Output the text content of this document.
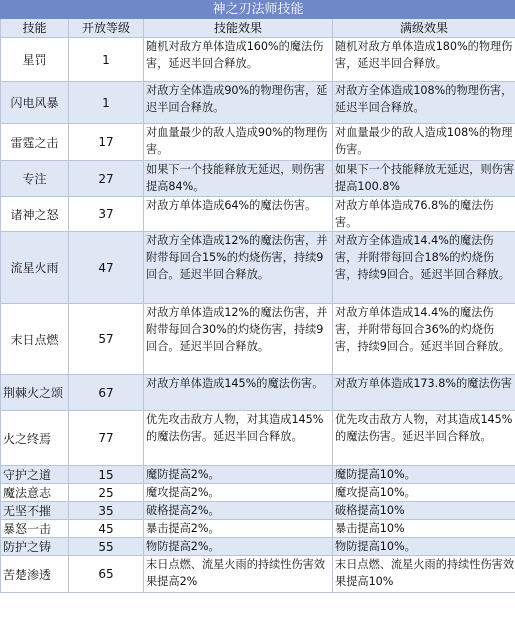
神之刃法师技能			
技能	开放等级	技能效果	满级效果
星罚	1	随机对敌方单体造成160%的魔法伤害，延迟半回合释放。	随机对敌方单体造成180%的物理伤害，延迟半回合释放。
闪电风暴	1	对敌方全体造成90%的物理伤害，延迟半回合释放。	对敌方全体造成108%的物理伤害，延迟半回合释放。
雷霆之击	17	对血量最少的敌人造成90%的物理伤害。	对血量最少的敌人造成108%的物理伤害。
专注	27	如果下一个技能释放无延迟，则伤害提高84%。	如果下一个技能释放无延迟，则伤害提高100.8%
诸神之怒	37	对敌方单体造成64%的魔法伤害。	对敌方单体造成76.8%的魔法伤害。
流星火雨	47	对敌方全体造成12%的魔法伤害，并附带每回合15%的灼烧伤害，持续9回合。延迟半回合释放。	对敌方全体造成14.4%的魔法伤害，并附带每回合18%的灼烧伤害，持续9回合。延迟半回合释放。
末日点燃	57	对敌方单体造成12%的魔法伤害，并附带每回合30%的灼烧伤害，持续9回合。延迟半回合释放。	对敌方单体造成14.4%的魔法伤害，并附带每回合36%的灼烧伤害，持续9回合。延迟半回合释放。
荆棘火之颂	67	对敌方单体造成145%的魔法伤害。	对敌方单体造成173.8%的魔法伤害
火之终焉	77	优先攻击敌方人物，对其造成145%的魔法伤害。延迟半回合释放。	优先攻击敌方人物，对其造成145%的魔法伤害。延迟半回合释放。
守护之道	15	魔防提高2%。	魔防提高10%。
魔法意志	25	魔攻提高2%。	魔攻提高10%。
无坚不摧	35	破格提高2%。	破格提高10%
暴怒一击	45	暴击提高2%。	暴击提高10%
防护之铸	55	物防提高2%。	物防提高10%。
苦楚渗透	65	末日点燃、流星火雨的持续性伤害效果提高2%	末日点燃、流星火雨的持续性伤害效果提高10%
